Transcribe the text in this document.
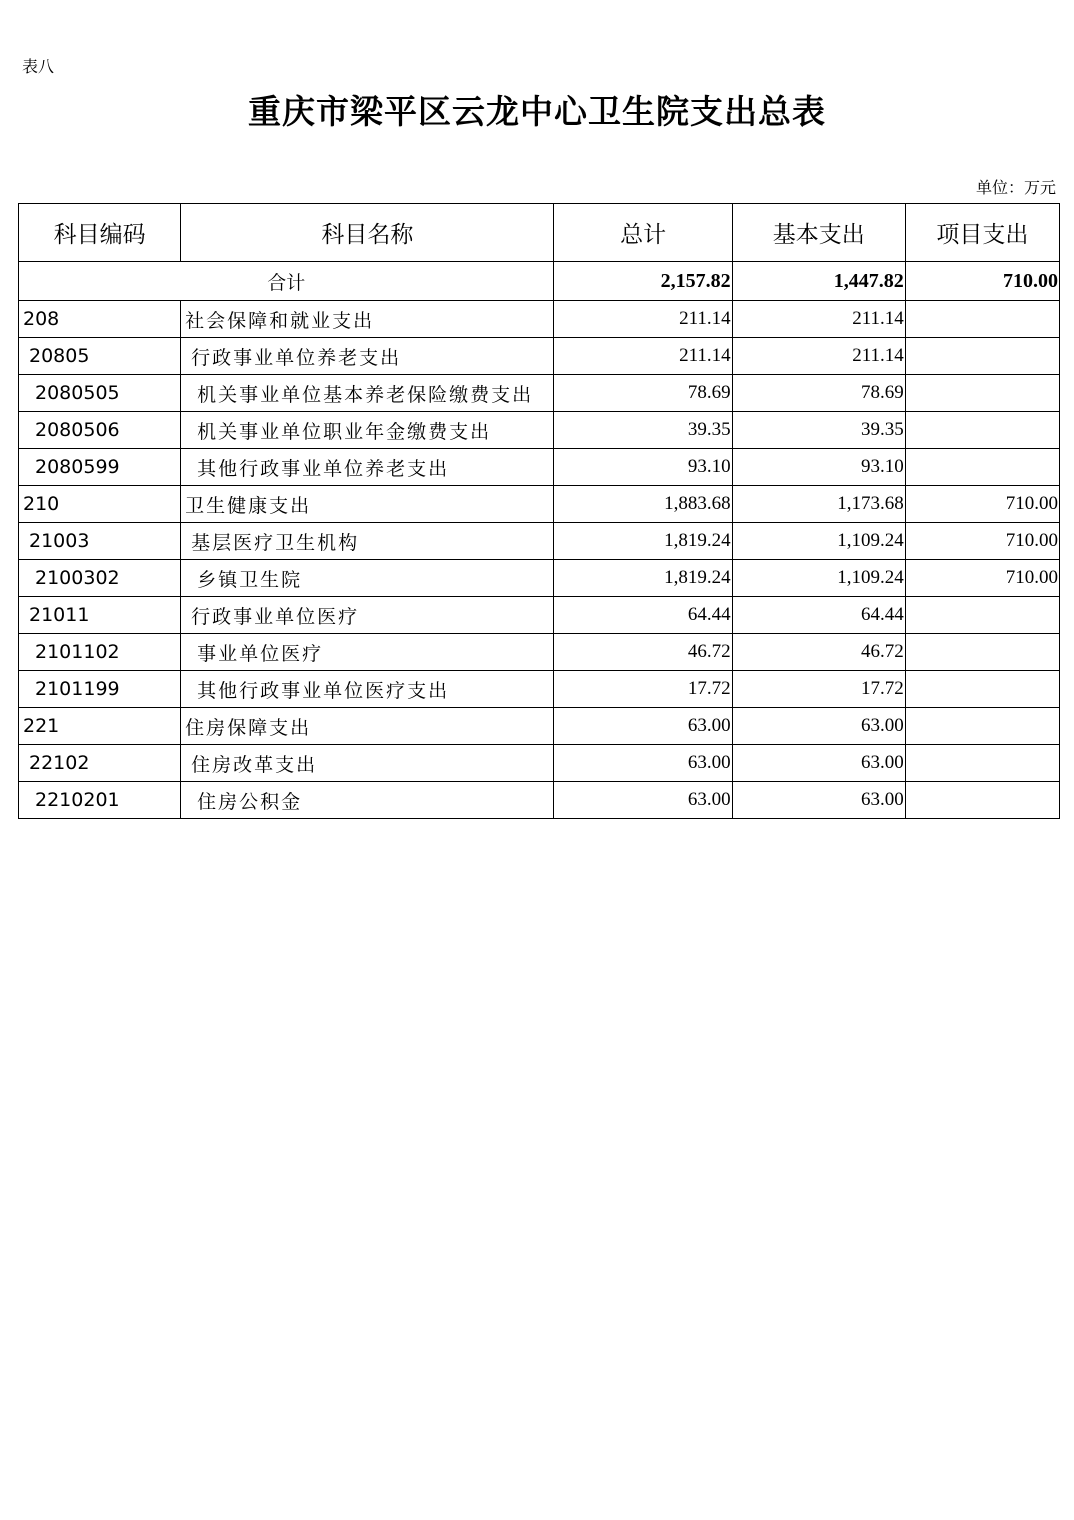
表八
重庆市梁平区云龙中心卫生院支出总表
单位：万元
科目编码	科目名称	总计	基本支出	项目支出
合计		2,157.82	1,447.82	710.00
208	社会保障和就业支出	211.14	211.14	
20805	行政事业单位养老支出	211.14	211.14	
2080505	机关事业单位基本养老保险缴费支出	78.69	78.69	
2080506	机关事业单位职业年金缴费支出	39.35	39.35	
2080599	其他行政事业单位养老支出	93.10	93.10	
210	卫生健康支出	1,883.68	1,173.68	710.00
21003	基层医疗卫生机构	1,819.24	1,109.24	710.00
2100302	乡镇卫生院	1,819.24	1,109.24	710.00
21011	行政事业单位医疗	64.44	64.44	
2101102	事业单位医疗	46.72	46.72	
2101199	其他行政事业单位医疗支出	17.72	17.72	
221	住房保障支出	63.00	63.00	
22102	住房改革支出	63.00	63.00	
2210201	住房公积金	63.00	63.00	
